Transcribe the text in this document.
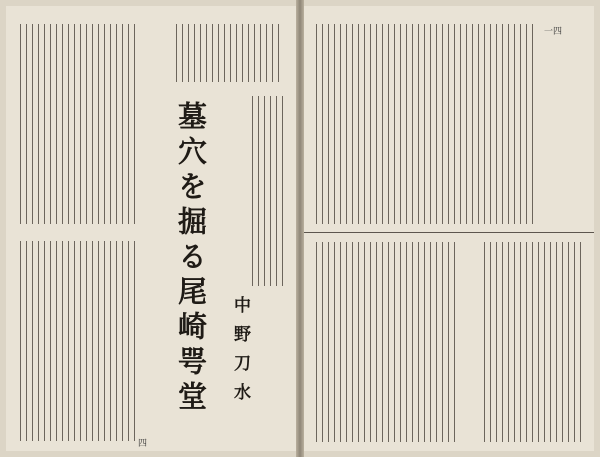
墓穴を掘る尾崎咢堂 中野刀水
四
一四
